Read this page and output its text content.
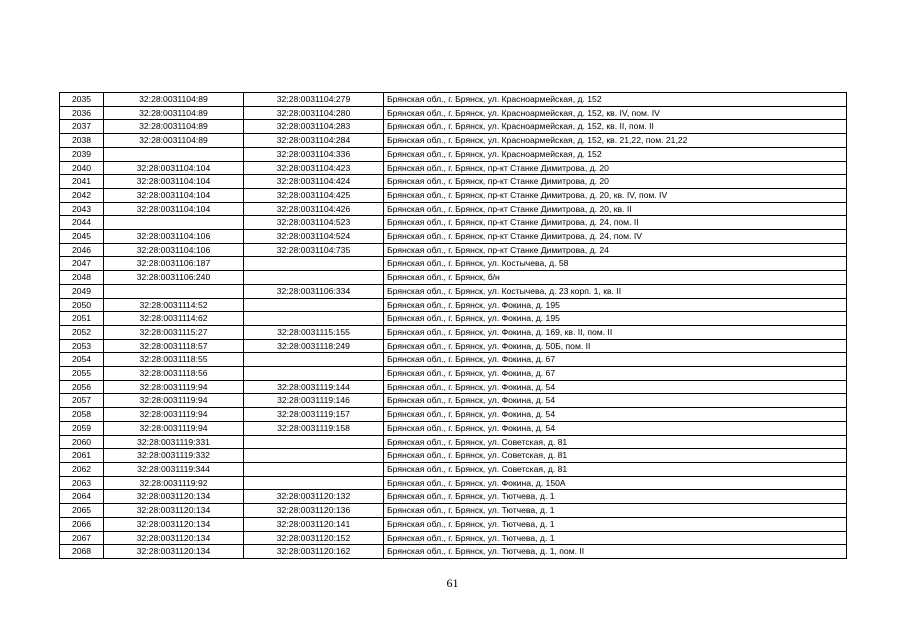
2035	32:28:0031104:89	32:28:0031104:279	Брянская обл., г. Брянск, ул. Красноармейская, д. 152
2036	32:28:0031104:89	32:28:0031104:280	Брянская обл., г. Брянск, ул. Красноармейская, д. 152, кв. IV, пом. IV
2037	32:28:0031104:89	32:28:0031104:283	Брянская обл., г. Брянск, ул. Красноармейская, д. 152, кв. II, пом. II
2038	32:28:0031104:89	32:28:0031104:284	Брянская обл., г. Брянск, ул. Красноармейская, д. 152, кв. 21,22, пом. 21,22
2039		32:28:0031104:336	Брянская обл., г. Брянск, ул. Красноармейская, д. 152
2040	32:28:0031104:104	32:28:0031104:423	Брянская обл., г. Брянск, пр-кт Станке Димитрова, д. 20
2041	32:28:0031104:104	32:28:0031104:424	Брянская обл., г. Брянск, пр-кт Станке Димитрова, д. 20
2042	32:28:0031104:104	32:28:0031104:425	Брянская обл., г. Брянск, пр-кт Станке Димитрова, д. 20, кв. IV, пом. IV
2043	32:28:0031104:104	32:28:0031104:426	Брянская обл., г. Брянск, пр-кт Станке Димитрова, д. 20, кв. II
2044		32:28:0031104:523	Брянская обл., г. Брянск, пр-кт Станке Димитрова, д. 24, пом. II
2045	32:28:0031104:106	32:28:0031104:524	Брянская обл., г. Брянск, пр-кт Станке Димитрова, д. 24, пом. IV
2046	32:28:0031104:106	32:28:0031104:735	Брянская обл., г. Брянск, пр-кт Станке Димитрова, д. 24
2047	32:28:0031106:187		Брянская обл., г. Брянск, ул. Костычева, д. 58
2048	32:28:0031106:240		Брянская обл., г. Брянск, б/н
2049		32:28:0031106:334	Брянская обл., г. Брянск, ул. Костычева, д. 23 корп. 1, кв. II
2050	32:28:0031114:52		Брянская обл., г. Брянск, ул. Фокина, д. 195
2051	32:28:0031114:62		Брянская обл., г. Брянск, ул. Фокина, д. 195
2052	32:28:0031115:27	32:28:0031115:155	Брянская обл., г. Брянск, ул. Фокина, д. 169, кв. II, пом. II
2053	32:28:0031118:57	32:28:0031118:249	Брянская обл., г. Брянск, ул. Фокина, д. 50Б, пом. II
2054	32:28:0031118:55		Брянская обл., г. Брянск, ул. Фокина, д. 67
2055	32:28:0031118:56		Брянская обл., г. Брянск, ул. Фокина, д. 67
2056	32:28:0031119:94	32:28:0031119:144	Брянская обл., г. Брянск, ул. Фокина, д. 54
2057	32:28:0031119:94	32:28:0031119:146	Брянская обл., г. Брянск, ул. Фокина, д. 54
2058	32:28:0031119:94	32:28:0031119:157	Брянская обл., г. Брянск, ул. Фокина, д. 54
2059	32:28:0031119:94	32:28:0031119:158	Брянская обл., г. Брянск, ул. Фокина, д. 54
2060	32:28:0031119:331		Брянская обл., г. Брянск, ул. Советская, д. 81
2061	32:28:0031119:332		Брянская обл., г. Брянск, ул. Советская, д. 81
2062	32:28:0031119:344		Брянская обл., г. Брянск, ул. Советская, д. 81
2063	32:28:0031119:92		Брянская обл., г. Брянск, ул. Фокина, д. 150А
2064	32:28:0031120:134	32:28:0031120:132	Брянская обл., г. Брянск, ул. Тютчева, д. 1
2065	32:28:0031120:134	32:28:0031120:136	Брянская обл., г. Брянск, ул. Тютчева, д. 1
2066	32:28:0031120:134	32:28:0031120:141	Брянская обл., г. Брянск, ул. Тютчева, д. 1
2067	32:28:0031120:134	32:28:0031120:152	Брянская обл., г. Брянск, ул. Тютчева, д. 1
2068	32:28:0031120:134	32:28:0031120:162	Брянская обл., г. Брянск, ул. Тютчева, д. 1, пом. II
61
